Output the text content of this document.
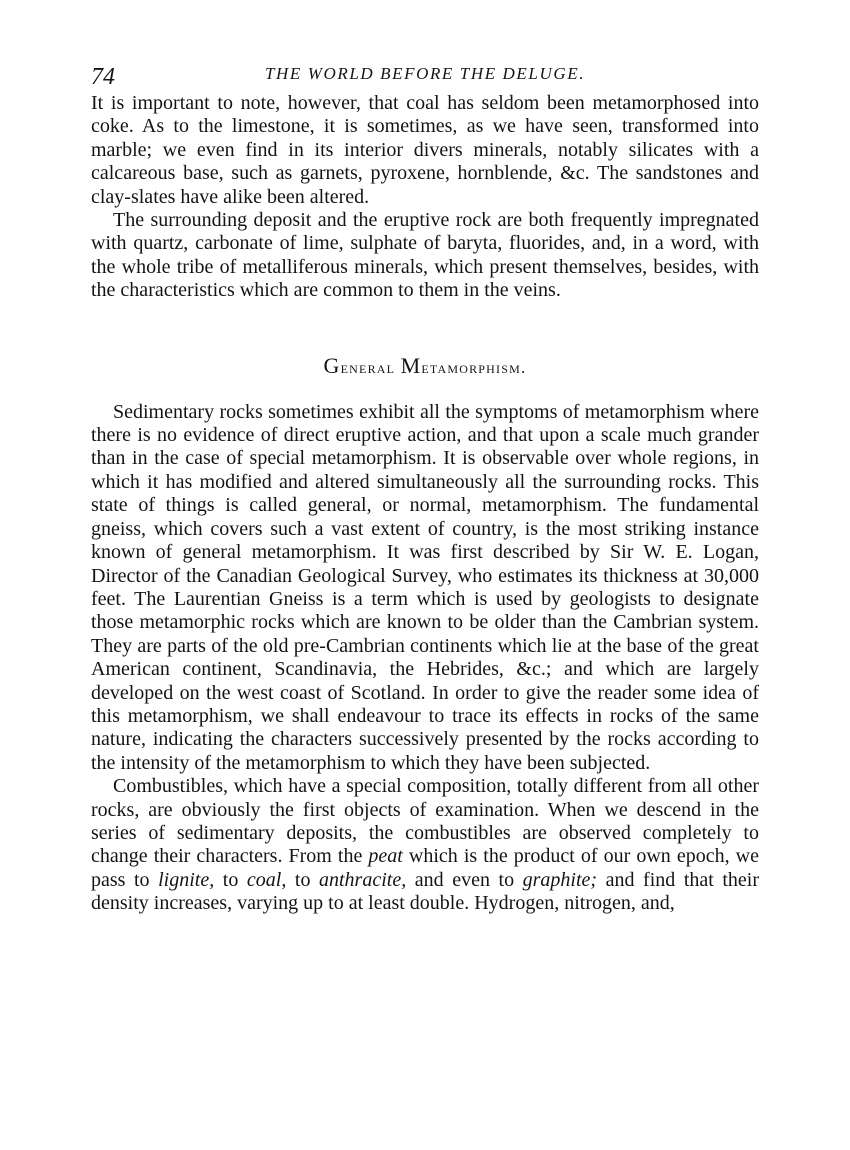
74	THE WORLD BEFORE THE DELUGE.

It is important to note, however, that coal has seldom been metamorphosed into coke. As to the limestone, it is sometimes, as we have seen, transformed into marble; we even find in its interior divers minerals, notably silicates with a calcareous base, such as garnets, pyroxene, hornblende, &c. The sandstones and clay-slates have alike been altered.

The surrounding deposit and the eruptive rock are both frequently impregnated with quartz, carbonate of lime, sulphate of baryta, fluorides, and, in a word, with the whole tribe of metalliferous minerals, which present themselves, besides, with the characteristics which are common to them in the veins.

General Metamorphism.

Sedimentary rocks sometimes exhibit all the symptoms of metamorphism where there is no evidence of direct eruptive action, and that upon a scale much grander than in the case of special metamorphism. It is observable over whole regions, in which it has modified and altered simultaneously all the surrounding rocks. This state of things is called general, or normal, metamorphism. The fundamental gneiss, which covers such a vast extent of country, is the most striking instance known of general metamorphism. It was first described by Sir W. E. Logan, Director of the Canadian Geological Survey, who estimates its thickness at 30,000 feet. The Laurentian Gneiss is a term which is used by geologists to designate those metamorphic rocks which are known to be older than the Cambrian system. They are parts of the old pre-Cambrian continents which lie at the base of the great American continent, Scandinavia, the Hebrides, &c.; and which are largely developed on the west coast of Scotland. In order to give the reader some idea of this metamorphism, we shall endeavour to trace its effects in rocks of the same nature, indicating the characters successively presented by the rocks according to the intensity of the metamorphism to which they have been subjected.

Combustibles, which have a special composition, totally different from all other rocks, are obviously the first objects of examination. When we descend in the series of sedimentary deposits, the combustibles are observed completely to change their characters. From the peat which is the product of our own epoch, we pass to lignite, to coal, to anthracite, and even to graphite; and find that their density increases, varying up to at least double. Hydrogen, nitrogen, and,
